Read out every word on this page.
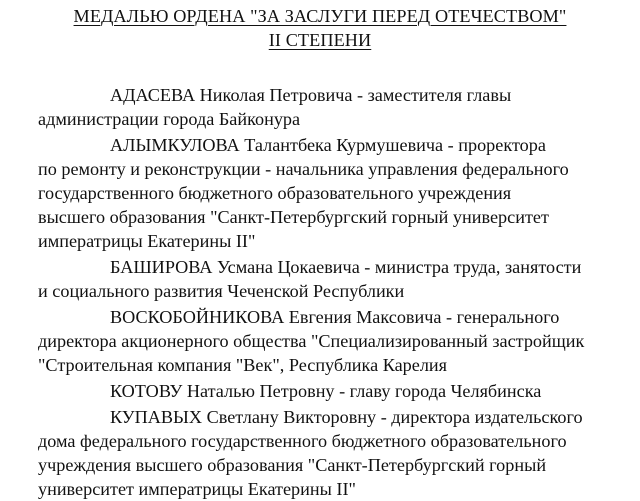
МЕДАЛЬЮ ОРДЕНА "ЗА ЗАСЛУГИ ПЕРЕД ОТЕЧЕСТВОМ"
II СТЕПЕНИ

АДАСЕВА Николая Петровича - заместителя главы

администрации города Байконура

АЛЫМКУЛОВА Талантбека Курмушевича - проректора

по ремонту и реконструкции - начальника управления федерального

государственного бюджетного образовательного учреждения

высшего образования "Санкт-Петербургский горный университет

императрицы Екатерины II"

БАШИРОВА Усмана Цокаевича - министра труда, занятости

и социального развития Чеченской Республики

ВОСКОБОЙНИКОВА Евгения Максовича - генерального

директора акционерного общества "Специализированный застройщик

"Строительная компания "Век", Республика Карелия

КОТОВУ Наталью Петровну - главу города Челябинска

КУПАВЫХ Светлану Викторовну - директора издательского

дома федерального государственного бюджетного образовательного

учреждения высшего образования "Санкт-Петербургский горный

университет императрицы Екатерины II"
